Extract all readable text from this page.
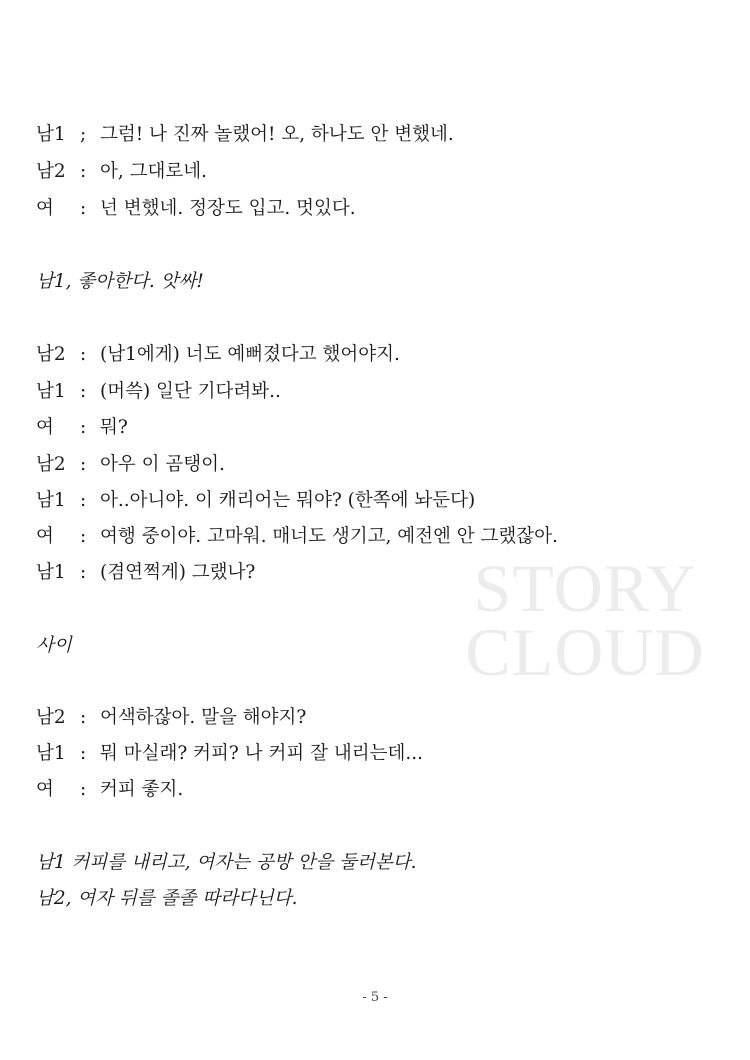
STORY
CLOUD
남1 ; 그럼! 나 진짜 놀랬어! 오, 하나도 안 변했네.
남2 : 아, 그대로네.
여 : 넌 변했네. 정장도 입고. 멋있다.
남1, 좋아한다. 앗싸!
남2 : (남1에게) 너도 예뻐졌다고 했어야지.
남1 : (머쓱) 일단 기다려봐..
여 : 뭐?
남2 : 아우 이 곰탱이.
남1 : 아..아니야. 이 캐리어는 뭐야? (한쪽에 놔둔다)
여 : 여행 중이야. 고마워. 매너도 생기고, 예전엔 안 그랬잖아.
남1 : (겸연쩍게) 그랬나?
사이
남2 : 어색하잖아. 말을 해야지?
남1 : 뭐 마실래? 커피? 나 커피 잘 내리는데...
여 : 커피 좋지.
남1 커피를 내리고, 여자는 공방 안을 둘러본다.
남2, 여자 뒤를 졸졸 따라다닌다.
- 5 -
